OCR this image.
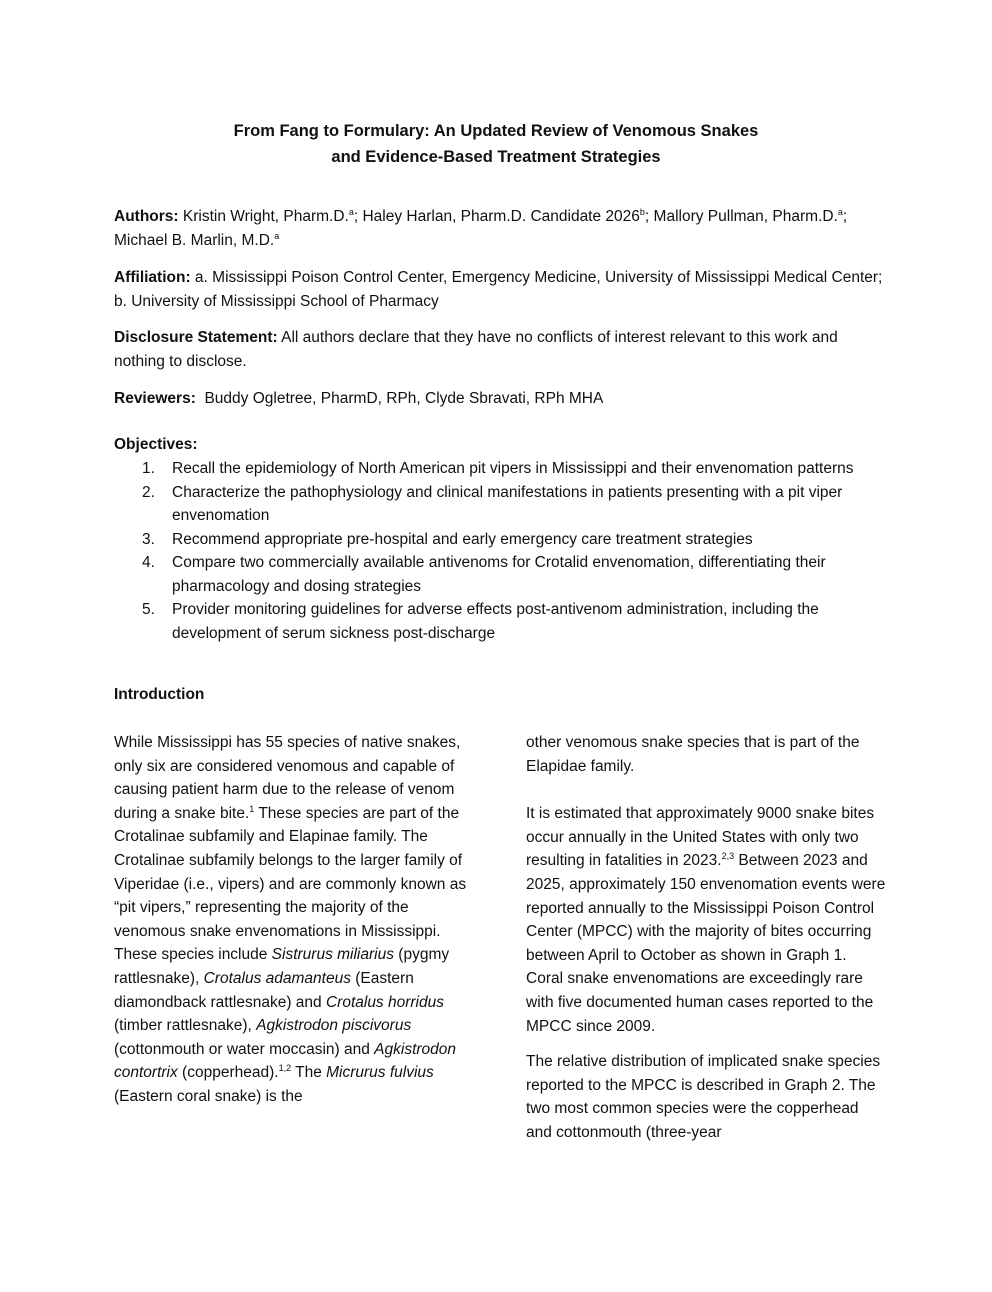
From Fang to Formulary: An Updated Review of Venomous Snakes
and Evidence-Based Treatment Strategies
Authors: Kristin Wright, Pharm.D.$^a$; Haley Harlan, Pharm.D. Candidate 2026$^b$; Mallory Pullman, Pharm.D.$^a$; Michael B. Marlin, M.D.$^a$
Affiliation: a. Mississippi Poison Control Center, Emergency Medicine, University of Mississippi Medical Center; b. University of Mississippi School of Pharmacy
Disclosure Statement: All authors declare that they have no conflicts of interest relevant to this work and nothing to disclose.
Reviewers:  Buddy Ogletree, PharmD, RPh, Clyde Sbravati, RPh MHA
Objectives:
1. Recall the epidemiology of North American pit vipers in Mississippi and their envenomation patterns
2. Characterize the pathophysiology and clinical manifestations in patients presenting with a pit viper envenomation
3. Recommend appropriate pre-hospital and early emergency care treatment strategies
4. Compare two commercially available antivenoms for Crotalid envenomation, differentiating their pharmacology and dosing strategies
5. Provider monitoring guidelines for adverse effects post-antivenom administration, including the development of serum sickness post-discharge
Introduction

While Mississippi has 55 species of native snakes, only six are considered venomous and capable of causing patient harm due to the release of venom during a snake bite.$^1$ These species are part of the Crotalinae subfamily and Elapinae family. The Crotalinae subfamily belongs to the larger family of Viperidae (i.e., vipers) and are commonly known as “pit vipers,” representing the majority of the venomous snake envenomations in Mississippi. These species include Sistrurus miliarius (pygmy rattlesnake), Crotalus adamanteus (Eastern diamondback rattlesnake) and Crotalus horridus (timber rattlesnake), Agkistrodon piscivorus (cottonmouth or water moccasin) and Agkistrodon contortrix (copperhead).$^{1,2}$ The Micrurus fulvius (Eastern coral snake) is the

other venomous snake species that is part of the Elapidae family.

It is estimated that approximately 9000 snake bites occur annually in the United States with only two resulting in fatalities in 2023.$^{2,3}$ Between 2023 and 2025, approximately 150 envenomation events were reported annually to the Mississippi Poison Control Center (MPCC) with the majority of bites occurring between April to October as shown in Graph 1. Coral snake envenomations are exceedingly rare with five documented human cases reported to the MPCC since 2009.

The relative distribution of implicated snake species reported to the MPCC is described in Graph 2. The two most common species were the copperhead and cottonmouth (three-year
